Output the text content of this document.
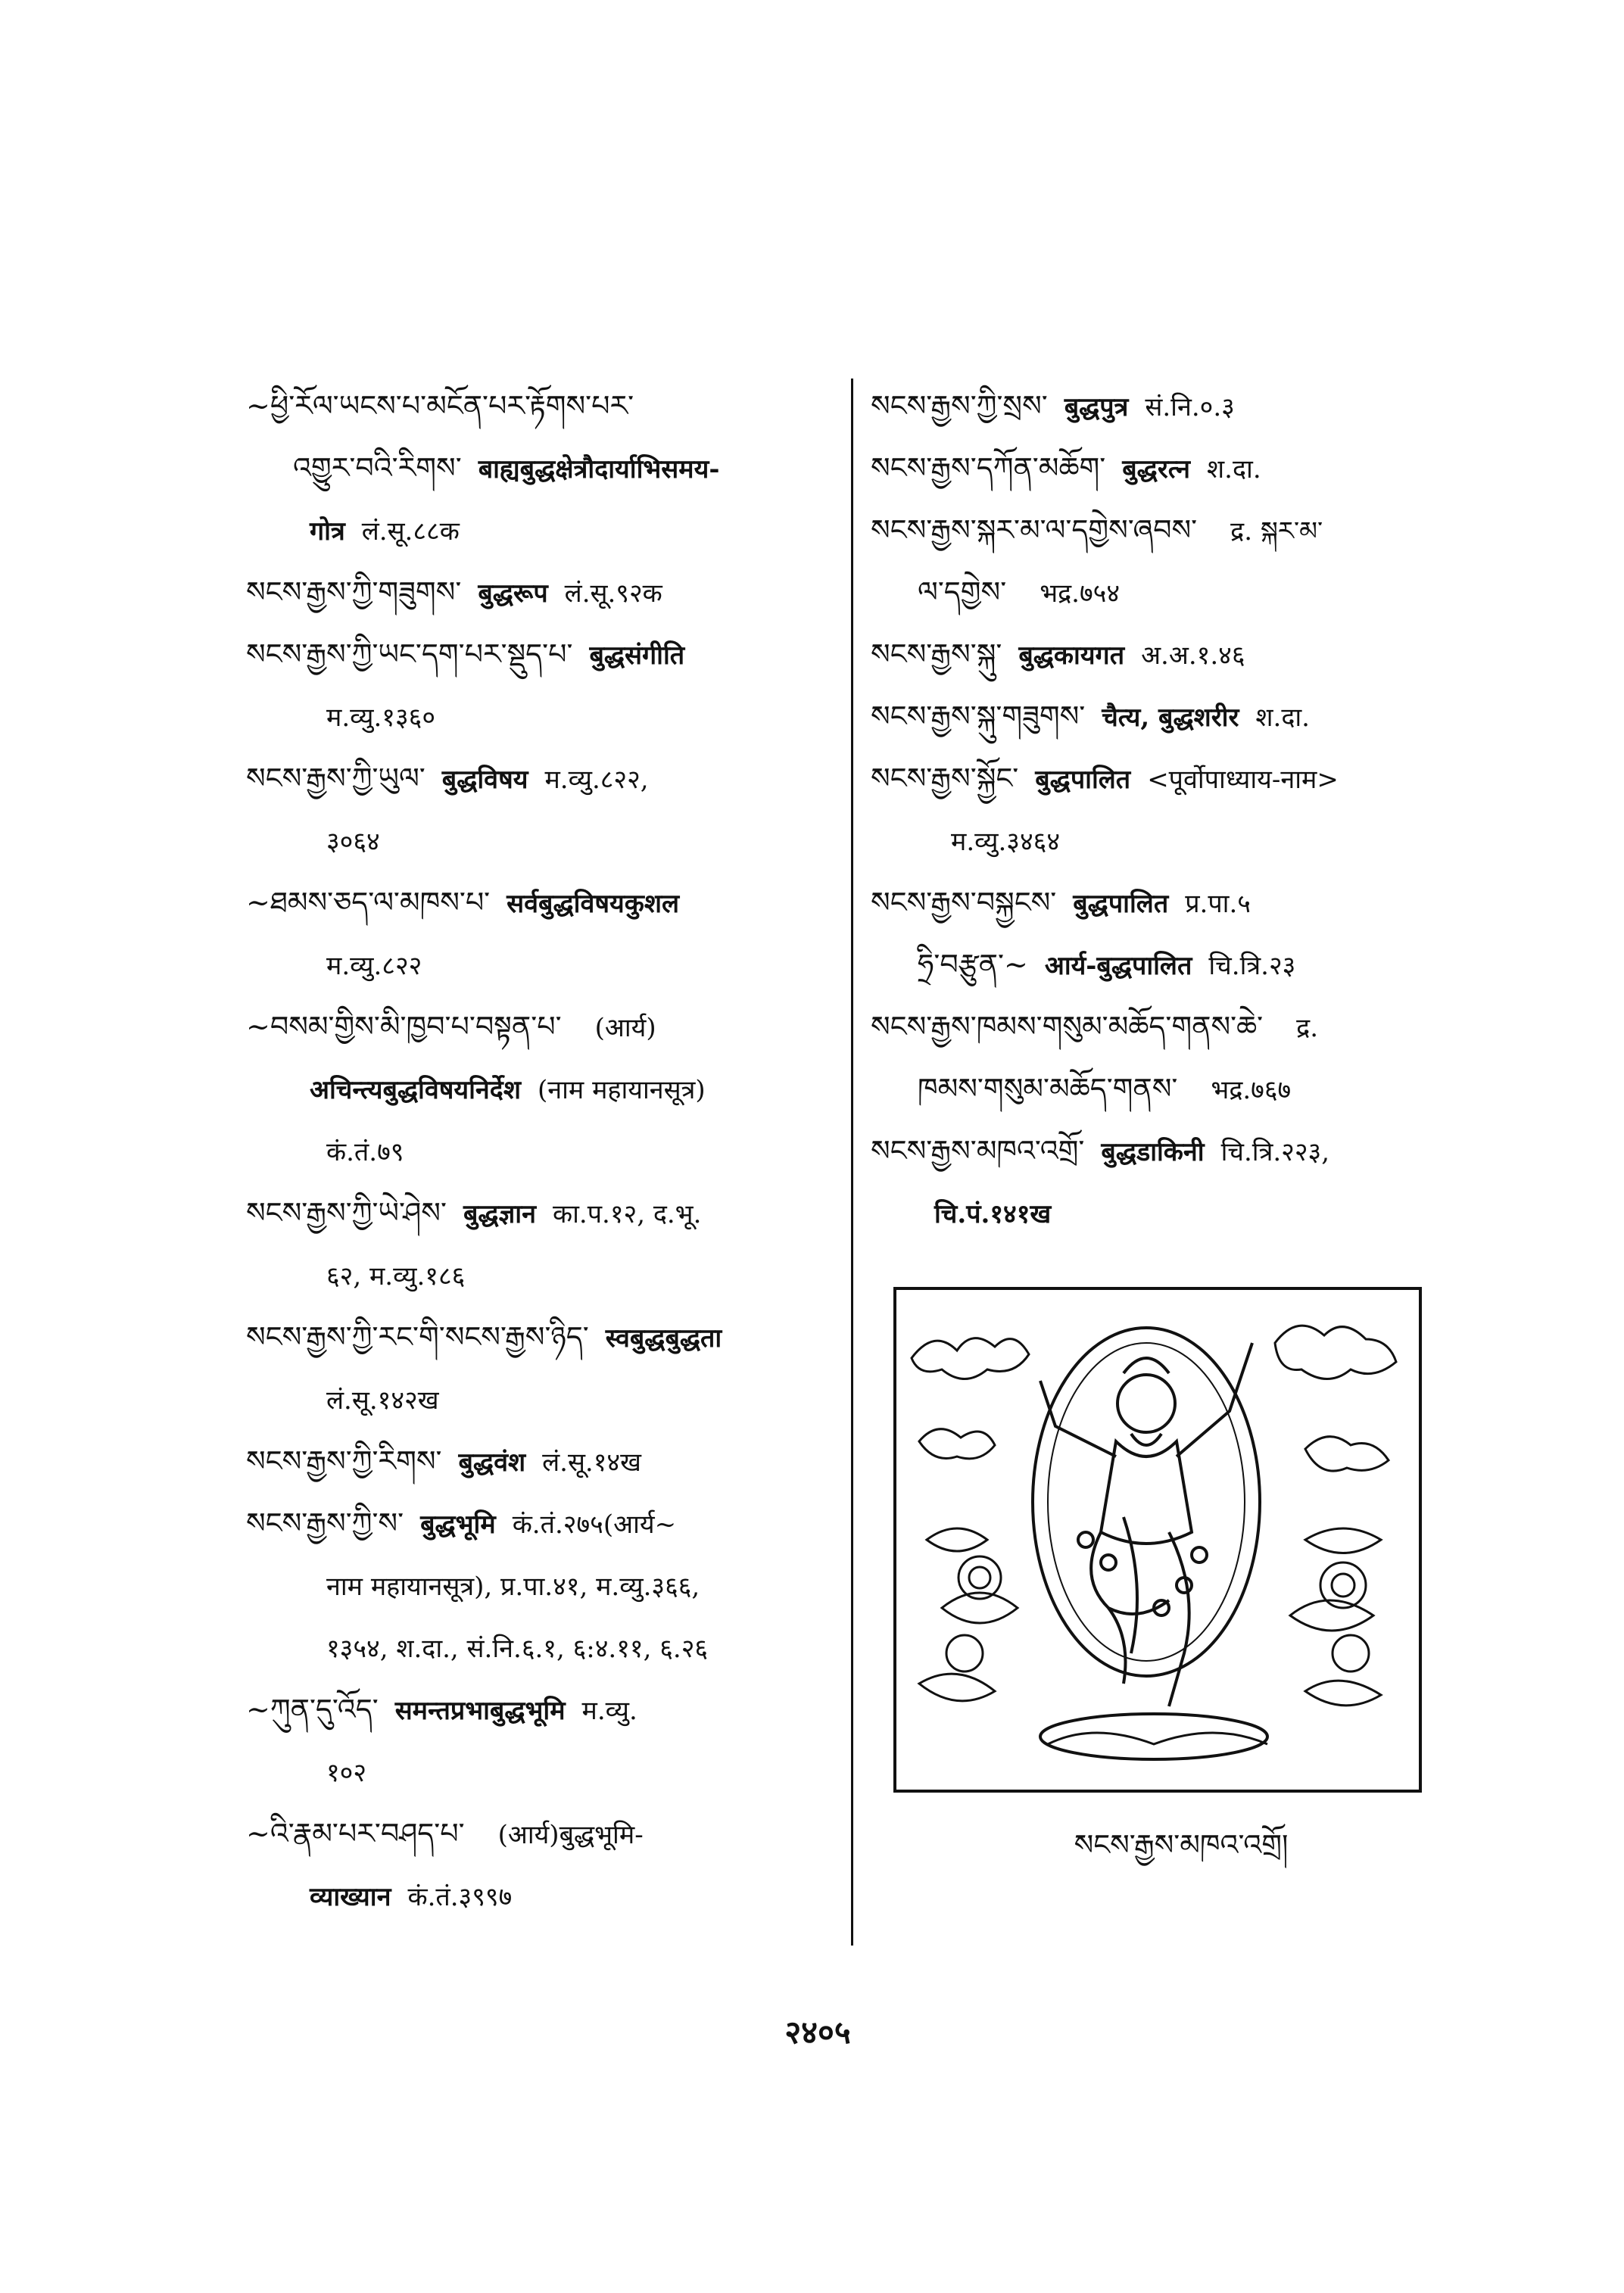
~ཕྱི་རོལ་ཡངས་པ་མངོན་པར་རྟོགས་པར་
འགྱུར་བའི་རིགས་ बाह्यबुद्धक्षेत्रौदार्याभिसमय-
गोत्र लं.सू.८८क
སངས་རྒྱས་ཀྱི་གཟུགས་ बुद्धरूप लं.सू.९२क
སངས་རྒྱས་ཀྱི་ཡང་དག་པར་སྡུད་པ་ बुद्धसंगीति
म.व्यु.१३६०
སངས་རྒྱས་ཀྱི་ཡུལ་ बुद्धविषय म.व्यु.८२२,
३०६४
~ཐམས་ཅད་ལ་མཁས་པ་ सर्वबुद्धविषयकुशल
म.व्यु.८२२
~བསམ་གྱིས་མི་ཁྱབ་པ་བསྟན་པ་ (आर्य)
अचिन्त्यबुद्धविषयनिर्देश (नाम महायानसूत्र)
कं.तं.७९
སངས་རྒྱས་ཀྱི་ཡེ་ཤེས་ बुद्धज्ञान का.प.१२, द.भू.
६२, म.व्यु.१८६
སངས་རྒྱས་ཀྱི་རང་གི་སངས་རྒྱས་ཉིད་ स्वबुद्धबुद्धता
लं.सू.१४२ख
སངས་རྒྱས་ཀྱི་རིགས་ बुद्धवंश लं.सू.१४ख
སངས་རྒྱས་ཀྱི་ས་ बुद्धभूमि कं.तं.२७५(आर्य~
नाम महायानसूत्र), प्र.पा.४१, म.व्यु.३६६,
१३५४, श.दा., सं.नि.६.१, ६:४.११, ६.२६
~ཀུན་དུ་འོད་ समन्तप्रभाबुद्धभूमि म.व्यु.
१०२
~འི་རྣམ་པར་བཤད་པ་ (आर्य)बुद्धभूमि-
व्याख्यान कं.तं.३९९७
སངས་རྒྱས་ཀྱི་སྲས་ बुद्धपुत्र सं.नि.०.३
སངས་རྒྱས་དཀོན་མཆོག་ बुद्धरत्न श.दा.
སངས་རྒྱས་སྐར་མ་ལ་དགྱེས་ཞབས་ द्र. སྐར་མ་
ལ་དགྱེས་ भद्र.७५४
སངས་རྒྱས་སྐུ་ बुद्धकायगत अ.अ.१.४६
སངས་རྒྱས་སྐུ་གཟུགས་ चैत्य, बुद्धशरीर श.दा.
སངས་རྒྱས་སྐྱོང་ बुद्धपालित <पूर्वोपाध्याय-नाम>
म.व्यु.३४६४
སངས་རྒྱས་བསྐྱངས་ बुद्धपालित प्र.पा.५
ཧྲི་བརྩུན་~ आर्य-बुद्धपालित चि.त्रि.२३
སངས་རྒྱས་ཁམས་གསུམ་མཆོད་གནས་ཆེ་ द्र.
ཁམས་གསུམ་མཆོད་གནས་ भद्र.७६७
སངས་རྒྱས་མཁའ་འགྲོ་ बुद्धडाकिनी चि.त्रि.२२३,
चि.पं.१४१ख
སངས་རྒྱས་མཁའ་འགྲོ།
२४०५
